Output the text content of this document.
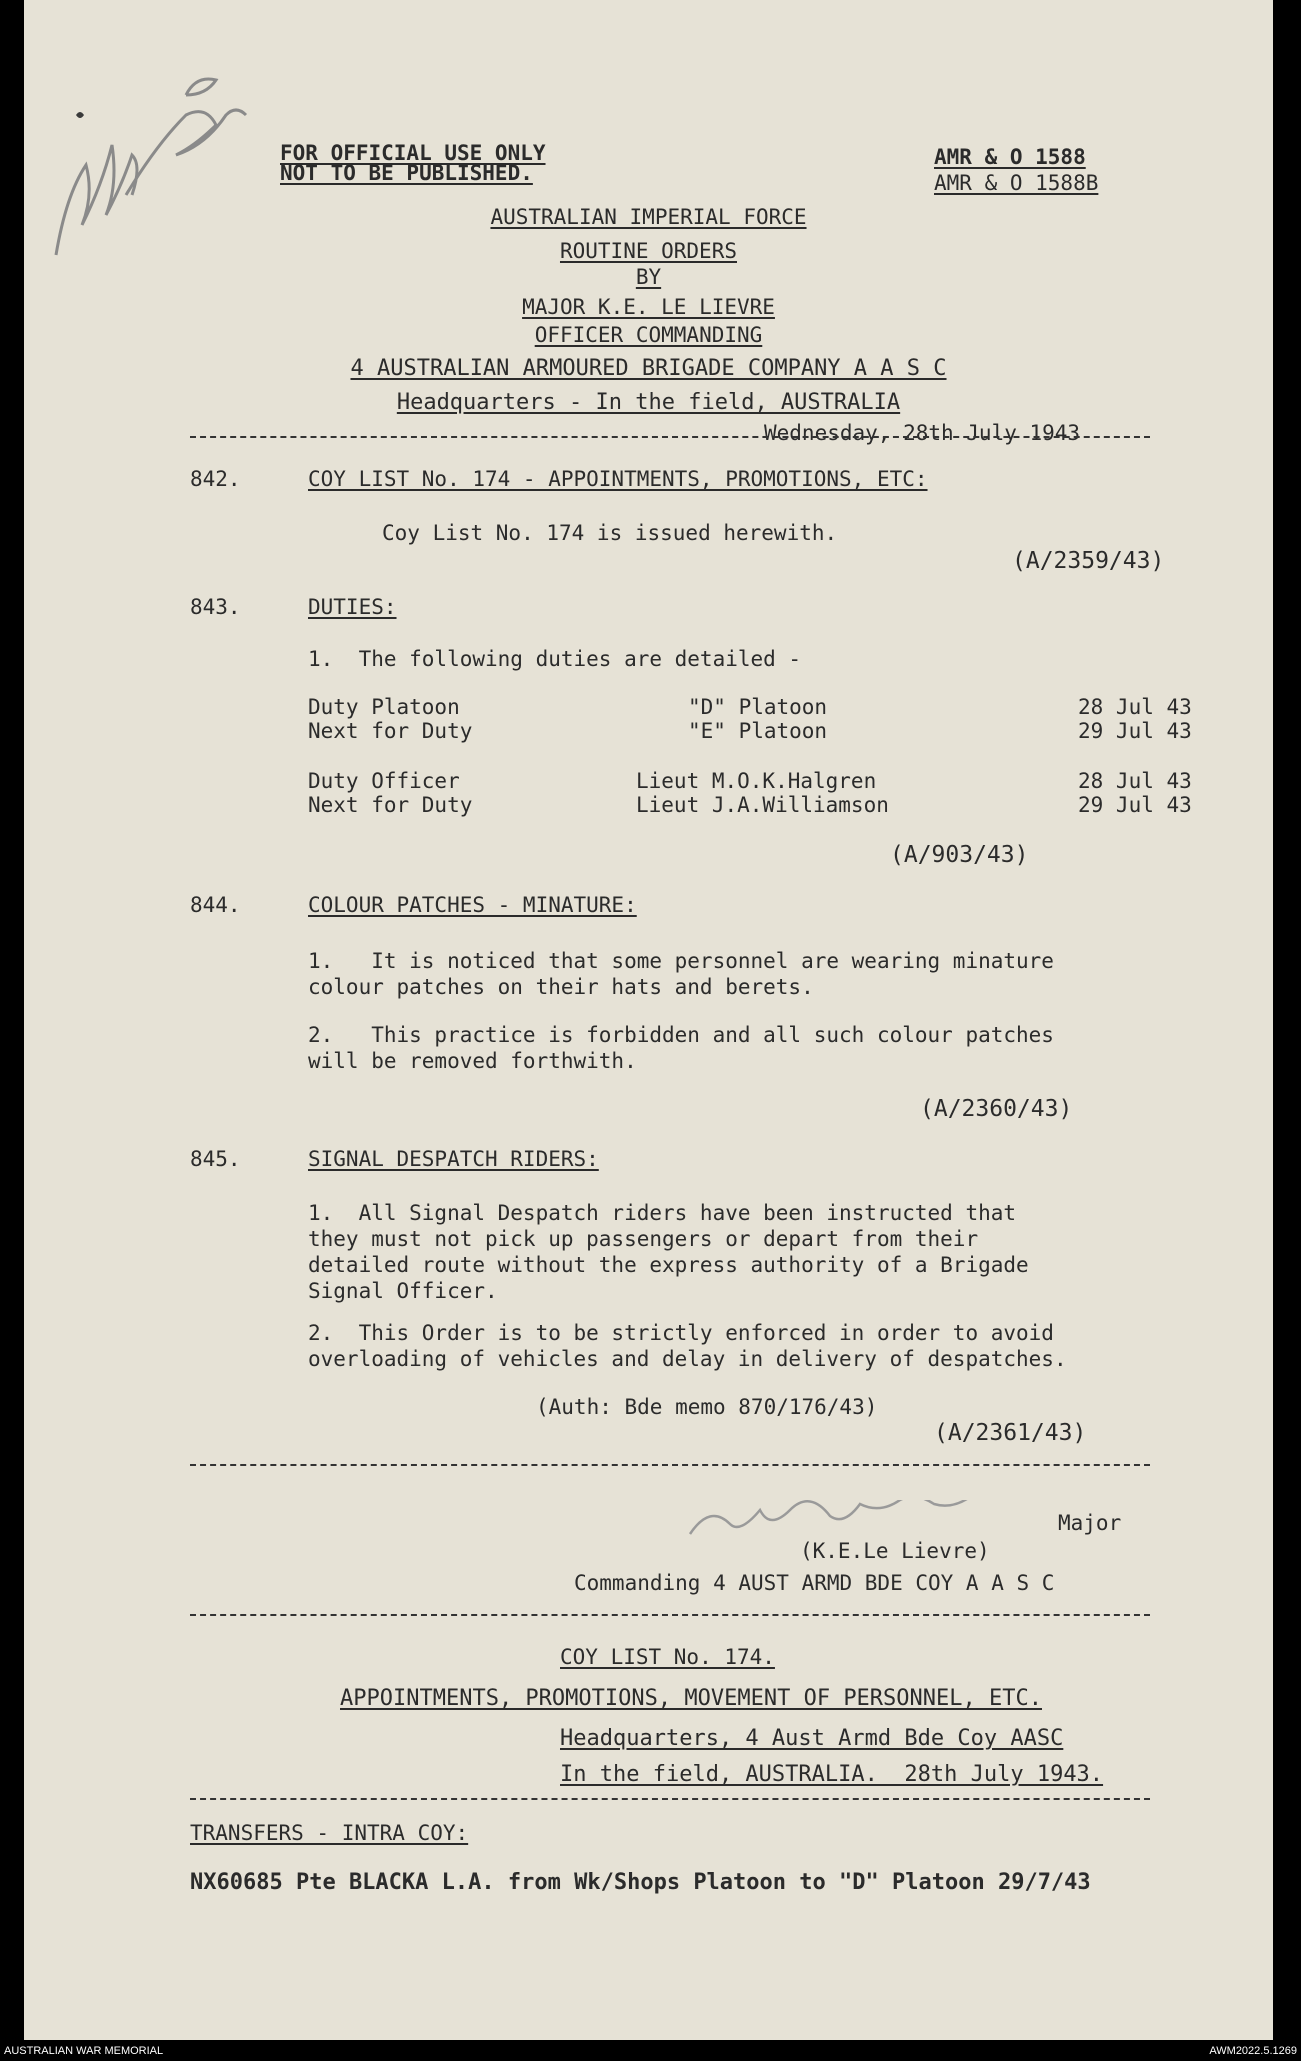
FOR OFFICIAL USE ONLY
NOT TO BE PUBLISHED.
AMR & O 1588
AMR & O 1588B
AUSTRALIAN IMPERIAL FORCE
ROUTINE ORDERS
BY
MAJOR K.E. LE LIEVRE
OFFICER COMMANDING
4 AUSTRALIAN ARMOURED BRIGADE COMPANY A A S C
Headquarters - In the field, AUSTRALIA
Wednesday, 28th July 1943
842.	COY LIST No. 174 - APPOINTMENTS, PROMOTIONS, ETC:
Coy List No. 174 is issued herewith.
(A/2359/43)
843.	DUTIES:
1.  The following duties are detailed -
Duty Platoon	"D" Platoon	28 Jul 43
Next for Duty	"E" Platoon	29 Jul 43
Duty Officer	Lieut M.O.K.Halgren	28 Jul 43
Next for Duty	Lieut J.A.Williamson	29 Jul 43
(A/903/43)
844.	COLOUR PATCHES - MINATURE:
1.   It is noticed that some personnel are wearing minature
colour patches on their hats and berets.
2.   This practice is forbidden and all such colour patches
will be removed forthwith.
(A/2360/43)
845.	SIGNAL DESPATCH RIDERS:
1.  All Signal Despatch riders have been instructed that
they must not pick up passengers or depart from their
detailed route without the express authority of a Brigade
Signal Officer.
2.  This Order is to be strictly enforced in order to avoid
overloading of vehicles and delay in delivery of despatches.
(Auth: Bde memo 870/176/43)
(A/2361/43)
Major
(K.E.Le Lievre)
Commanding 4 AUST ARMD BDE COY A A S C
COY LIST No. 174.
APPOINTMENTS, PROMOTIONS, MOVEMENT OF PERSONNEL, ETC.
Headquarters, 4 Aust Armd Bde Coy AASC
In the field, AUSTRALIA.  28th July 1943.
TRANSFERS - INTRA COY:
NX60685 Pte BLACKA L.A. from Wk/Shops Platoon to "D" Platoon 29/7/43
AUSTRALIAN WAR MEMORIAL	AWM2022.5.1269
